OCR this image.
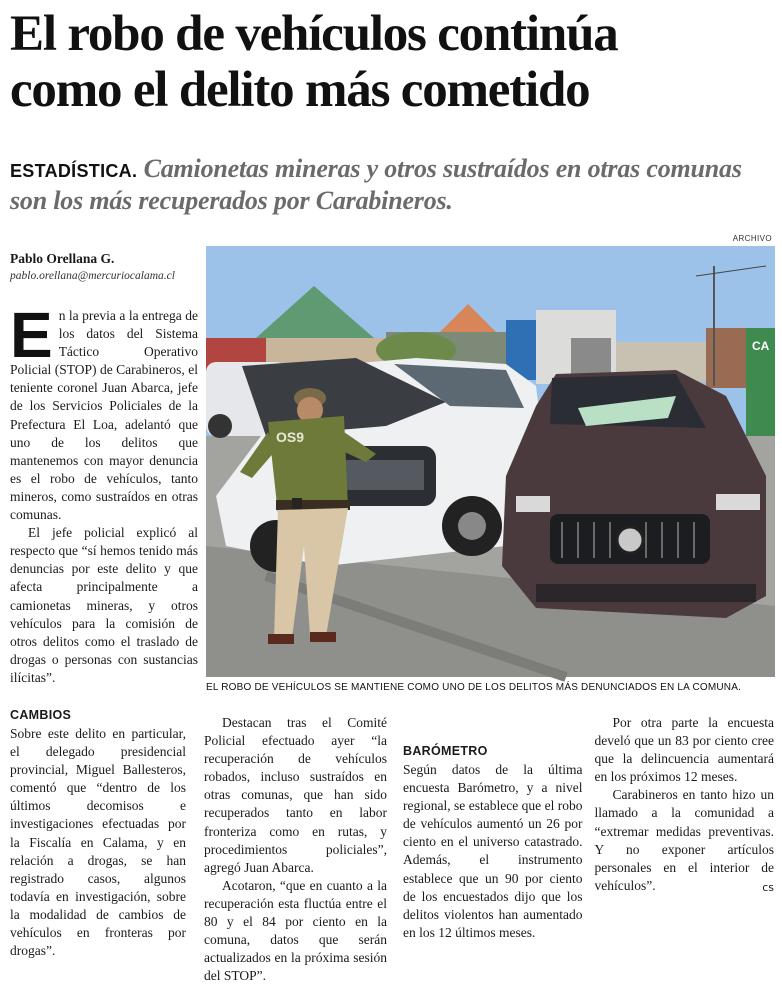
El robo de vehículos continúa
como el delito más cometido
ESTADÍSTICA. Camionetas mineras y otros sustraídos en otras comunas son los más recuperados por Carabineros.
Pablo Orellana G.
pablo.orellana@mercuriocalama.cl
ARCHIVO
CA
OS9
EL ROBO DE VEHÍCULOS SE MANTIENE COMO UNO DE LOS DELITOS MÁS DENUNCIADOS EN LA COMUNA.

En la previa a la entrega de los datos del Sistema Táctico Operativo Policial (STOP) de Carabineros, el teniente coronel Juan Abarca, jefe de los Servicios Policiales de la Prefectura El Loa, adelantó que uno de los delitos que mantenemos con mayor denuncia es el robo de vehículos, tanto mineros, como sustraídos en otras comunas.

El jefe policial explicó al respecto que “sí hemos tenido más denuncias por este delito y que afecta principalmente a camionetas mineras, y otros vehículos para la comisión de otros delitos como el traslado de drogas o personas con sustancias ilícitas”.

CAMBIOS

Sobre este delito en particular, el delegado presidencial provincial, Miguel Ballesteros, comentó que “dentro de los últimos decomisos e investigaciones efectuadas por la Fiscalía en Calama, y en relación a drogas, se han registrado casos, algunos todavía en investigación, sobre la modalidad de cambios de vehículos en fronteras por drogas”.

Destacan tras el Comité Policial efectuado ayer “la recuperación de vehículos robados, incluso sustraídos en otras comunas, que han sido recuperados tanto en labor fronteriza como en rutas, y procedimientos policiales”, agregó Juan Abarca.

Acotaron, “que en cuanto a la recuperación esta fluctúa entre el 80 y el 84 por ciento en la comuna, datos que serán actualizados en la próxima sesión del STOP”.

BARÓMETRO

Según datos de la última encuesta Barómetro, y a nivel regional, se establece que el robo de vehículos aumentó un 26 por ciento en el universo catastrado. Además, el instrumento establece que un 90 por ciento de los encuestados dijo que los delitos violentos han aumentado en los 12 últimos meses.

Por otra parte la encuesta develó que un 83 por ciento cree que la delincuencia aumentará en los próximos 12 meses.

Carabineros en tanto hizo un llamado a la comunidad a “extremar medidas preventivas. Y no exponer artículos personales en el interior de vehículos”.	cs
